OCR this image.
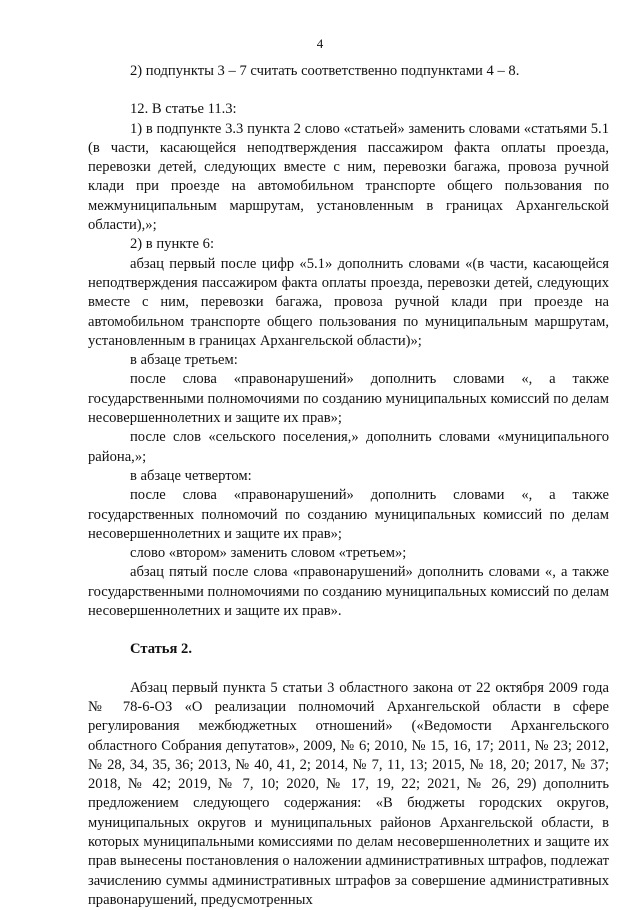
4

2) подпункты 3 – 7 считать соответственно подпунктами 4 – 8.

12. В статье 11.3:

1) в подпункте 3.3 пункта 2 слово «статьей» заменить словами «статьями 5.1 (в части, касающейся неподтверждения пассажиром факта оплаты проезда, перевозки детей, следующих вместе с ним, перевозки багажа, провоза ручной клади при проезде на автомобильном транспорте общего пользования по межмуниципальным маршрутам, установленным в границах Архангельской области),»;

2) в пункте 6:

абзац первый после цифр «5.1» дополнить словами «(в части, касающейся неподтверждения пассажиром факта оплаты проезда, перевозки детей, следующих вместе с ним, перевозки багажа, провоза ручной клади при проезде на автомобильном транспорте общего пользования по муниципальным маршрутам, установленным в границах Архангельской области)»;

в абзаце третьем:

после слова «правонарушений» дополнить словами «, а также государственными полномочиями по созданию муниципальных комиссий по делам несовершеннолетних и защите их прав»;

после слов «сельского поселения,» дополнить словами «муниципального района,»;

в абзаце четвертом:

после слова «правонарушений» дополнить словами «, а также государственных полномочий по созданию муниципальных комиссий по делам несовершеннолетних и защите их прав»;

слово «втором» заменить словом «третьем»;

абзац пятый после слова «правонарушений» дополнить словами «, а также государственными полномочиями по созданию муниципальных комиссий по делам несовершеннолетних и защите их прав».

Статья 2.

Абзац первый пункта 5 статьи 3 областного закона от 22 октября 2009 года № 78-6-ОЗ «О реализации полномочий Архангельской области в сфере регулирования межбюджетных отношений» («Ведомости Архангельского областного Собрания депутатов», 2009, № 6; 2010, № 15, 16, 17; 2011, № 23; 2012, № 28, 34, 35, 36; 2013, № 40, 41, 2; 2014, № 7, 11, 13; 2015, № 18, 20; 2017, № 37; 2018, № 42; 2019, № 7, 10; 2020, № 17, 19, 22; 2021, № 26, 29) дополнить предложением следующего содержания: «В бюджеты городских округов, муниципальных округов и муниципальных районов Архангельской области, в которых муниципальными комиссиями по делам несовершеннолетних и защите их прав вынесены постановления о наложении административных штрафов, подлежат зачислению суммы административных штрафов за совершение административных правонарушений, предусмотренных
